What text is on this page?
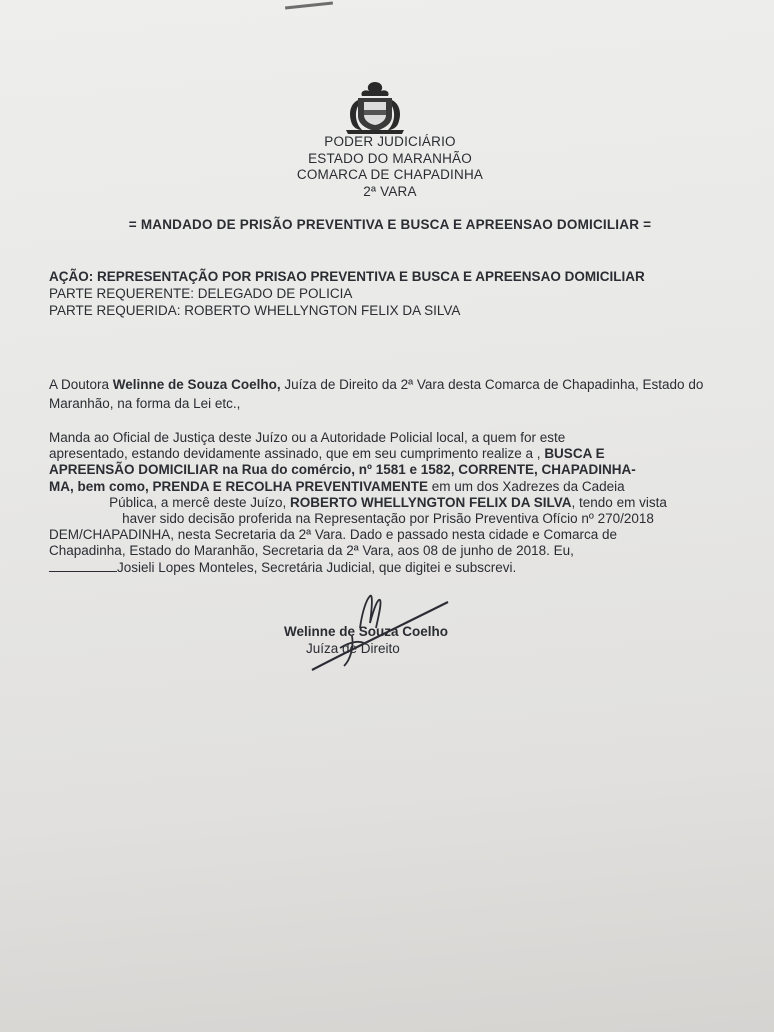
PODER JUDICIÁRIO
ESTADO DO MARANHÃO
COMARCA DE CHAPADINHA
2ª VARA
= MANDADO DE PRISÃO PREVENTIVA E BUSCA E APREENSAO DOMICILIAR =
AÇÃO: REPRESENTAÇÃO POR PRISAO PREVENTIVA E BUSCA E APREENSAO DOMICILIAR
PARTE REQUERENTE: DELEGADO DE POLICIA
PARTE REQUERIDA: ROBERTO WHELLYNGTON FELIX DA SILVA
A Doutora Welinne de Souza Coelho, Juíza de Direito da 2ª Vara desta Comarca de Chapadinha, Estado do Maranhão, na forma da Lei etc.,
Manda ao Oficial de Justiça deste Juízo ou a Autoridade Policial local, a quem for este
apresentado, estando devidamente assinado, que em seu cumprimento realize a , BUSCA E
APREENSÃO DOMICILIAR na Rua do comércio, nº 1581 e 1582, CORRENTE, CHAPADINHA-
MA, bem como, PRENDA E RECOLHA PREVENTIVAMENTE em um dos Xadrezes da Cadeia
Pública, a mercê deste Juízo, ROBERTO WHELLYNGTON FELIX DA SILVA, tendo em vista
haver sido decisão proferida na Representação por Prisão Preventiva Ofício nº 270/2018
DEM/CHAPADINHA, nesta Secretaria da 2ª Vara. Dado e passado nesta cidade e Comarca de
Chapadinha, Estado do Maranhão, Secretaria da 2ª Vara, aos 08 de junho de 2018. Eu,
Josieli Lopes Monteles, Secretária Judicial, que digitei e subscrevi.
Welinne de Souza Coelho
Juíza de Direito
